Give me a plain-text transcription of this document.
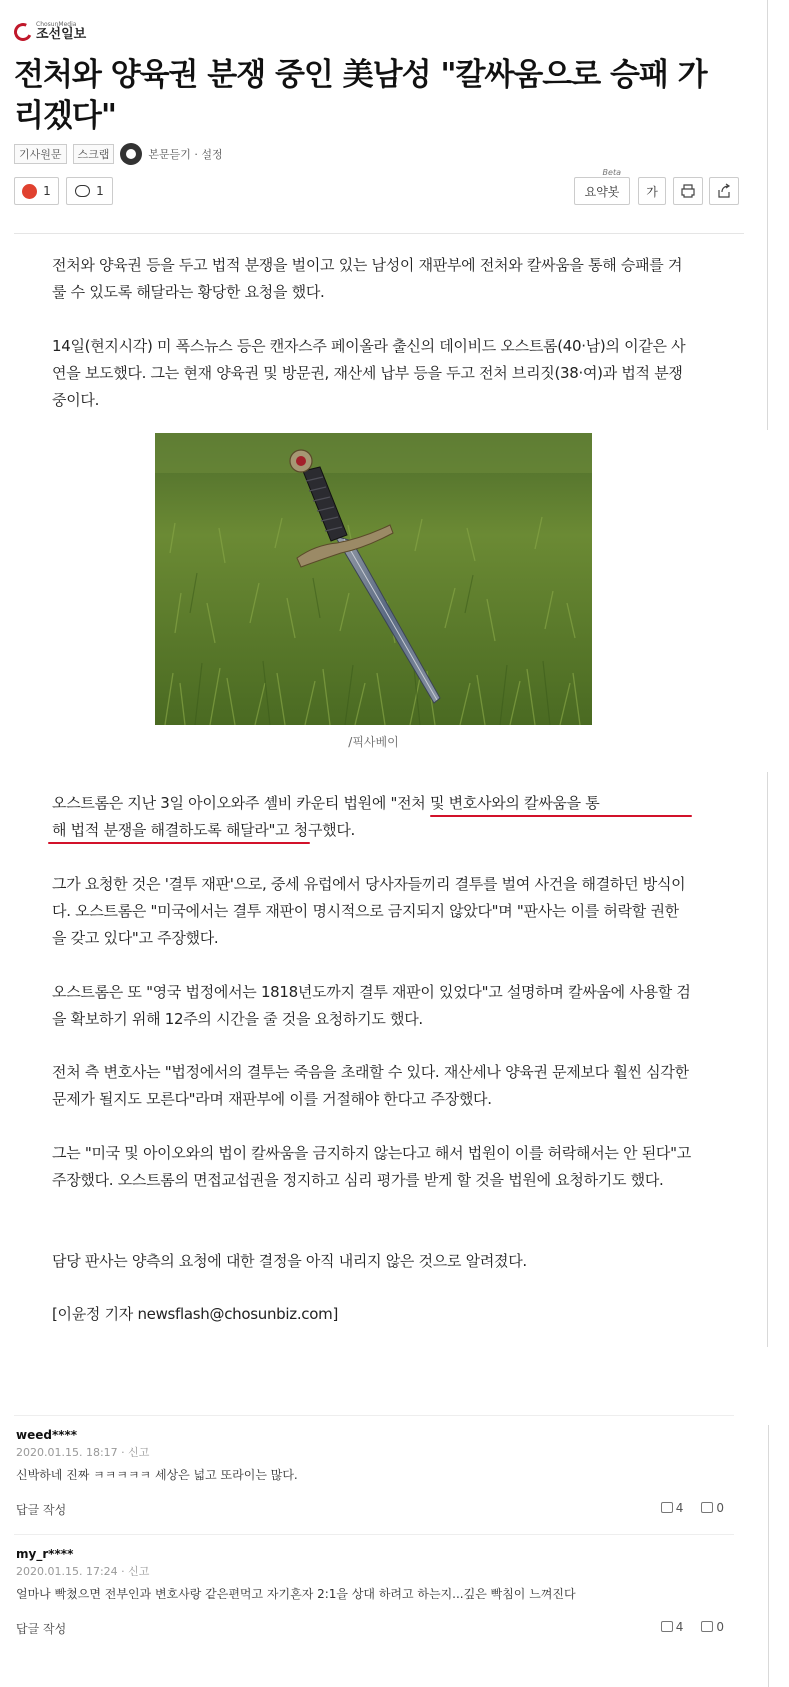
ChosunMedia
조선일보
전처와 양육권 분쟁 중인 美남성 "칼싸움으로 승패 가리겠다"
기사원문	스크랩	본문듣기 · 설정
1	1	요약봇
Beta
가
전처와 양육권 등을 두고 법적 분쟁을 벌이고 있는 남성이 재판부에 전처와 칼싸움을 통해 승패를 겨룰 수 있도록 해달라는 황당한 요청을 했다.
14일(현지시각) 미 폭스뉴스 등은 캔자스주 페이올라 출신의 데이비드 오스트롬(40·남)의 이같은 사연을 보도했다. 그는 현재 양육권 및 방문권, 재산세 납부 등을 두고 전처 브리짓(38·여)과 법적 분쟁 중이다.
/픽사베이
오스트롬은 지난 3일 아이오와주 셸비 카운티 법원에 "전처 및 변호사와의 칼싸움을 통
해 법적 분쟁을 해결하도록 해달라"고 청구했다.
그가 요청한 것은 '결투 재판'으로, 중세 유럽에서 당사자들끼리 결투를 벌여 사건을 해결하던 방식이다. 오스트롬은 "미국에서는 결투 재판이 명시적으로 금지되지 않았다"며 "판사는 이를 허락할 권한을 갖고 있다"고 주장했다.
오스트롬은 또 "영국 법정에서는 1818년도까지 결투 재판이 있었다"고 설명하며 칼싸움에 사용할 검을 확보하기 위해 12주의 시간을 줄 것을 요청하기도 했다.
전처 측 변호사는 "법정에서의 결투는 죽음을 초래할 수 있다. 재산세나 양육권 문제보다 훨씬 심각한 문제가 될지도 모른다"라며 재판부에 이를 거절해야 한다고 주장했다.
그는 "미국 및 아이오와의 법이 칼싸움을 금지하지 않는다고 해서 법원이 이를 허락해서는 안 된다"고 주장했다. 오스트롬의 면접교섭권을 정지하고 심리 평가를 받게 할 것을 법원에 요청하기도 했다.
담당 판사는 양측의 요청에 대한 결정을 아직 내리지 않은 것으로 알려졌다.
[이윤정 기자 newsflash@chosunbiz.com]
weed****
2020.01.15. 18:17 · 신고
신박하네 진짜 ㅋㅋㅋㅋㅋ 세상은 넓고 또라이는 많다.
답글 작성	4	0
my_r****
2020.01.15. 17:24 · 신고
얼마나 빡쳤으면 전부인과 변호사랑 같은편먹고 자기혼자 2:1을 상대 하려고 하는지...깊은 빡침이 느껴진다
답글 작성	4	0
